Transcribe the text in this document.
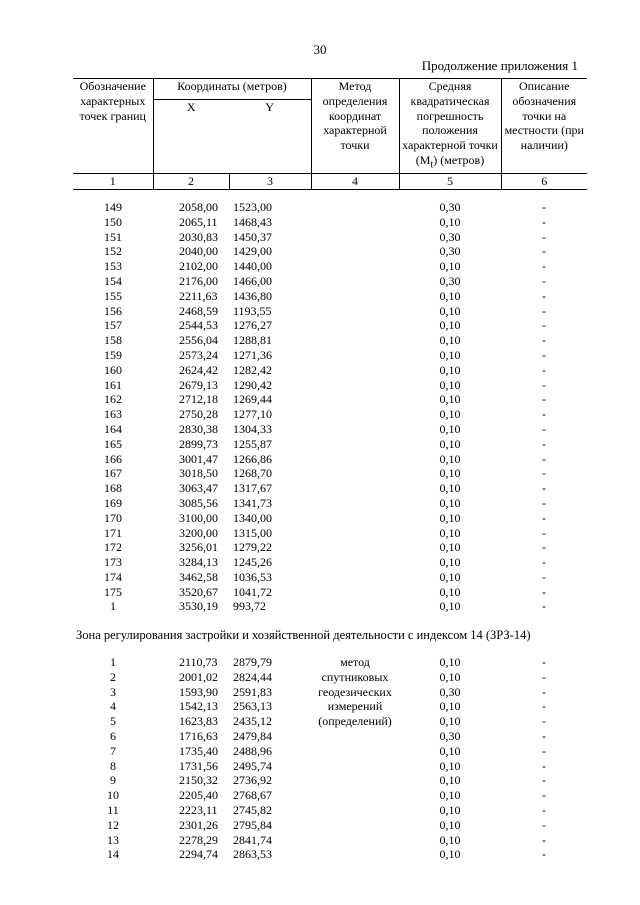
30
Продолжение приложения 1
Обозначение характерных точек границ	Координаты (метров)		Метод определения координат характерной точки	Средняя квадратическая погрешность положения характерной точки $(M_t)$ (метров)	Описание обозначения точки на местности (при наличии)
	X	Y			
1	2	3	4	5	6

149	2058,00	1523,00		0,30	-
150	2065,11	1468,43		0,10	-
151	2030,83	1450,37		0,30	-
152	2040,00	1429,00		0,30	-
153	2102,00	1440,00		0,10	-
154	2176,00	1466,00		0,30	-
155	2211,63	1436,80		0,10	-
156	2468,59	1193,55		0,10	-
157	2544,53	1276,27		0,10	-
158	2556,04	1288,81		0,10	-
159	2573,24	1271,36		0,10	-
160	2624,42	1282,42		0,10	-
161	2679,13	1290,42		0,10	-
162	2712,18	1269,44		0,10	-
163	2750,28	1277,10		0,10	-
164	2830,38	1304,33		0,10	-
165	2899,73	1255,87		0,10	-
166	3001,47	1266,86		0,10	-
167	3018,50	1268,70		0,10	-
168	3063,47	1317,67		0,10	-
169	3085,56	1341,73		0,10	-
170	3100,00	1340,00		0,10	-
171	3200,00	1315,00		0,10	-
172	3256,01	1279,22		0,10	-
173	3284,13	1245,26		0,10	-
174	3462,58	1036,53		0,10	-
175	3520,67	1041,72		0,10	-
1	3530,19	993,72		0,10	-
Зона регулирования застройки и хозяйственной деятельности с индексом 14 (ЗРЗ-14)					
1	2110,73	2879,79	метод спутниковых геодезических измерений (определений)	0,10	-
2	2001,02	2824,44		0,10	-
3	1593,90	2591,83		0,30	-
4	1542,13	2563,13		0,10	-
5	1623,83	2435,12		0,10	-
6	1716,63	2479,84		0,30	-
7	1735,40	2488,96		0,10	-
8	1731,56	2495,74		0,10	-
9	2150,32	2736,92		0,10	-
10	2205,40	2768,67		0,10	-
11	2223,11	2745,82		0,10	-
12	2301,26	2795,84		0,10	-
13	2278,29	2841,74		0,10	-
14	2294,74	2863,53		0,10	-
